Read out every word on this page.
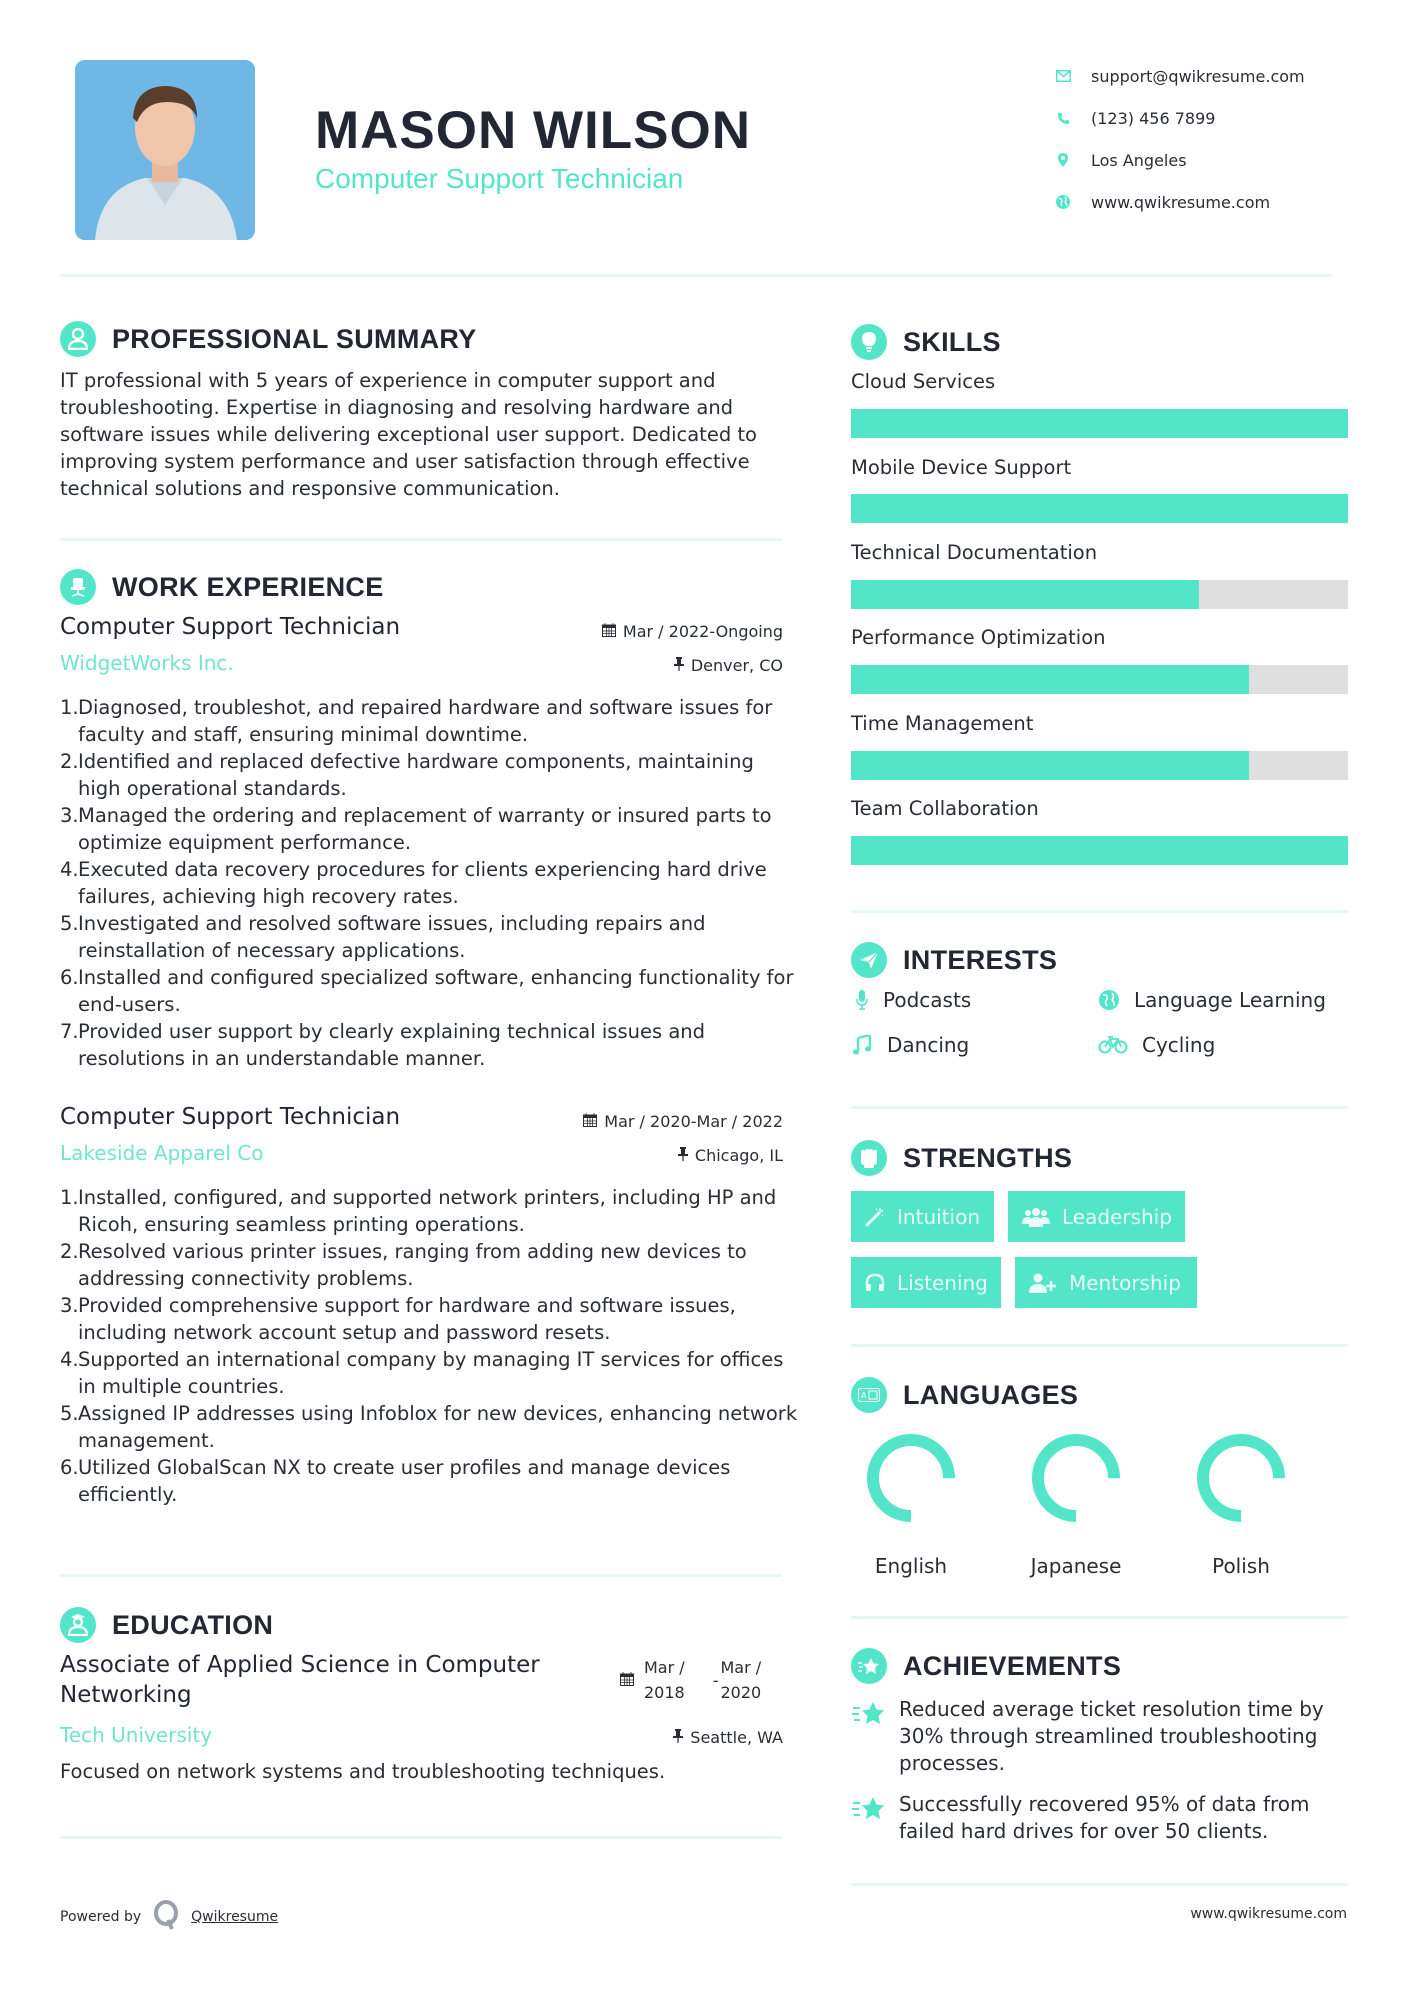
MASON WILSON
Computer Support Technician
support@qwikresume.com
(123) 456 7899
Los Angeles
www.qwikresume.com
PROFESSIONAL SUMMARY
IT professional with 5 years of experience in computer support and troubleshooting. Expertise in diagnosing and resolving hardware and software issues while delivering exceptional user support. Dedicated to improving system performance and user satisfaction through effective technical solutions and responsive communication.
WORK EXPERIENCE
Computer Support Technician	Mar / 2022-Ongoing
WidgetWorks Inc.	Denver, CO
1. Diagnosed, troubleshot, and repaired hardware and software issues for faculty and staff, ensuring minimal downtime.
2. Identified and replaced defective hardware components, maintaining high operational standards.
3. Managed the ordering and replacement of warranty or insured parts to optimize equipment performance.
4. Executed data recovery procedures for clients experiencing hard drive failures, achieving high recovery rates.
5. Investigated and resolved software issues, including repairs and reinstallation of necessary applications.
6. Installed and configured specialized software, enhancing functionality for end-users.
7. Provided user support by clearly explaining technical issues and resolutions in an understandable manner.
Computer Support Technician	Mar / 2020-Mar / 2022
Lakeside Apparel Co	Chicago, IL
1. Installed, configured, and supported network printers, including HP and Ricoh, ensuring seamless printing operations.
2. Resolved various printer issues, ranging from adding new devices to addressing connectivity problems.
3. Provided comprehensive support for hardware and software issues, including network account setup and password resets.
4. Supported an international company by managing IT services for offices in multiple countries.
5. Assigned IP addresses using Infoblox for new devices, enhancing network management.
6. Utilized GlobalScan NX to create user profiles and manage devices efficiently.
EDUCATION
Associate of Applied Science in Computer Networking
Mar /
2018
-
Mar /
2020
Tech University	Seattle, WA
Focused on network systems and troubleshooting techniques.
SKILLS
Cloud Services
Mobile Device Support
Technical Documentation
Performance Optimization
Time Management
Team Collaboration
INTERESTS
Podcasts	Language Learning
Dancing	Cycling
STRENGTHS
Intuition	Leadership
Listening	Mentorship
A LANGUAGES
English	Japanese	Polish
ACHIEVEMENTS
Reduced average ticket resolution time by 30% through streamlined troubleshooting processes.
Successfully recovered 95% of data from failed hard drives for over 50 clients.
Powered by	Qwikresume	www.qwikresume.com
